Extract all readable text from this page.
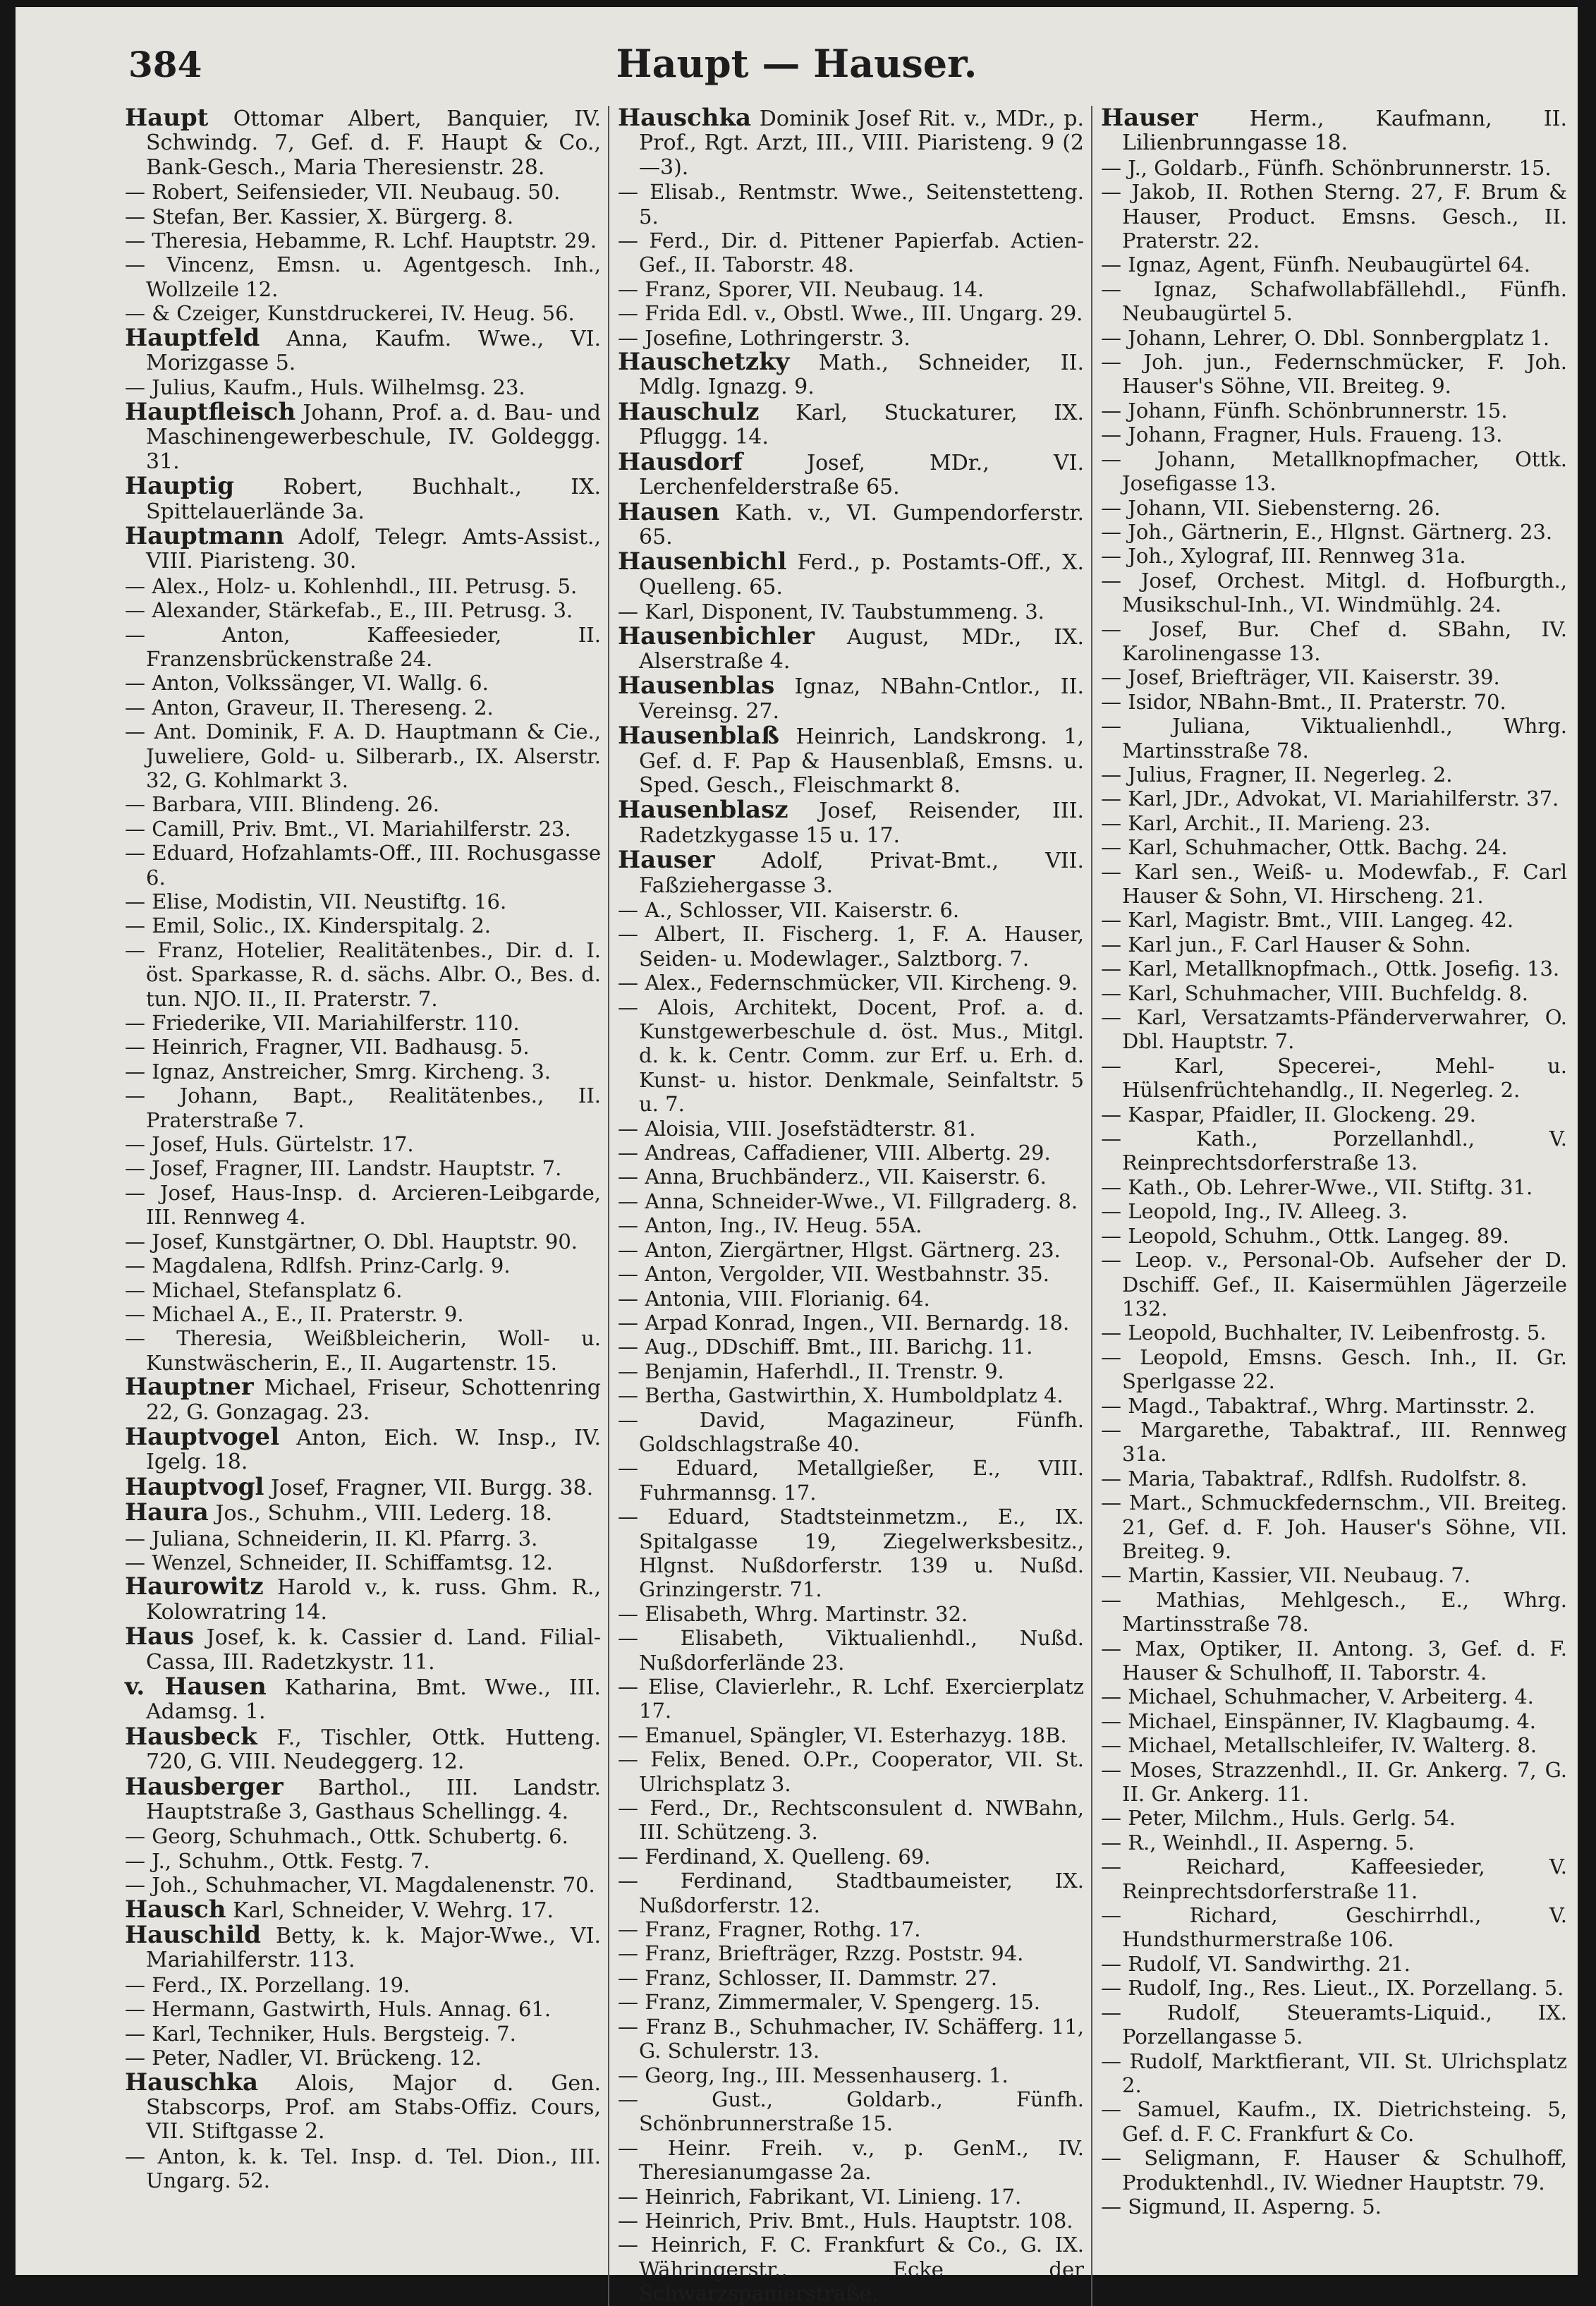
384	Haupt — Hauser.

Haupt Ottomar Albert, Banquier, IV. Schwindg. 7, Gef. d. F. Haupt & Co., Bank-Gesch., Maria Theresienstr. 28.

— Robert, Seifensieder, VII. Neubaug. 50.

— Stefan, Ber. Kassier, X. Bürgerg. 8.

— Theresia, Hebamme, R. Lchf. Hauptstr. 29.

— Vincenz, Emsn. u. Agentgesch. Inh., Wollzeile 12.

— & Czeiger, Kunstdruckerei, IV. Heug. 56.

Hauptfeld Anna, Kaufm. Wwe., VI. Morizgasse 5.

— Julius, Kaufm., Huls. Wilhelmsg. 23.

Hauptfleisch Johann, Prof. a. d. Bau- und Maschinengewerbeschule, IV. Goldeggg. 31.

Hauptig Robert, Buchhalt., IX. Spittelauerlände 3a.

Hauptmann Adolf, Telegr. Amts-Assist., VIII. Piaristeng. 30.

— Alex., Holz- u. Kohlenhdl., III. Petrusg. 5.

— Alexander, Stärkefab., E., III. Petrusg. 3.

— Anton, Kaffeesieder, II. Franzensbrückenstraße 24.

— Anton, Volkssänger, VI. Wallg. 6.

— Anton, Graveur, II. Thereseng. 2.

— Ant. Dominik, F. A. D. Hauptmann & Cie., Juweliere, Gold- u. Silberarb., IX. Alserstr. 32, G. Kohlmarkt 3.

— Barbara, VIII. Blindeng. 26.

— Camill, Priv. Bmt., VI. Mariahilferstr. 23.

— Eduard, Hofzahlamts-Off., III. Rochusgasse 6.

— Elise, Modistin, VII. Neustiftg. 16.

— Emil, Solic., IX. Kinderspitalg. 2.

— Franz, Hotelier, Realitätenbes., Dir. d. I. öst. Sparkasse, R. d. sächs. Albr. O., Bes. d. tun. NJO. II., II. Praterstr. 7.

— Friederike, VII. Mariahilferstr. 110.

— Heinrich, Fragner, VII. Badhausg. 5.

— Ignaz, Anstreicher, Smrg. Kircheng. 3.

— Johann, Bapt., Realitätenbes., II. Praterstraße 7.

— Josef, Huls. Gürtelstr. 17.

— Josef, Fragner, III. Landstr. Hauptstr. 7.

— Josef, Haus-Insp. d. Arcieren-Leibgarde, III. Rennweg 4.

— Josef, Kunstgärtner, O. Dbl. Hauptstr. 90.

— Magdalena, Rdlfsh. Prinz-Carlg. 9.

— Michael, Stefansplatz 6.

— Michael A., E., II. Praterstr. 9.

— Theresia, Weißbleicherin, Woll- u. Kunstwäscherin, E., II. Augartenstr. 15.

Hauptner Michael, Friseur, Schottenring 22, G. Gonzagag. 23.

Hauptvogel Anton, Eich. W. Insp., IV. Igelg. 18.

Hauptvogl Josef, Fragner, VII. Burgg. 38.

Haura Jos., Schuhm., VIII. Lederg. 18.

— Juliana, Schneiderin, II. Kl. Pfarrg. 3.

— Wenzel, Schneider, II. Schiffamtsg. 12.

Haurowitz Harold v., k. russ. Ghm. R., Kolowratring 14.

Haus Josef, k. k. Cassier d. Land. Filial-Cassa, III. Radetzkystr. 11.

v. Hausen Katharina, Bmt. Wwe., III. Adamsg. 1.

Hausbeck F., Tischler, Ottk. Hutteng. 720, G. VIII. Neudeggerg. 12.

Hausberger Barthol., III. Landstr. Hauptstraße 3, Gasthaus Schellingg. 4.

— Georg, Schuhmach., Ottk. Schubertg. 6.

— J., Schuhm., Ottk. Festg. 7.

— Joh., Schuhmacher, VI. Magdalenenstr. 70.

Hausch Karl, Schneider, V. Wehrg. 17.

Hauschild Betty, k. k. Major-Wwe., VI. Mariahilferstr. 113.

— Ferd., IX. Porzellang. 19.

— Hermann, Gastwirth, Huls. Annag. 61.

— Karl, Techniker, Huls. Bergsteig. 7.

— Peter, Nadler, VI. Brückeng. 12.

Hauschka Alois, Major d. Gen. Stabscorps, Prof. am Stabs-Offiz. Cours, VII. Stiftgasse 2.

— Anton, k. k. Tel. Insp. d. Tel. Dion., III. Ungarg. 52.

Hauschka Dominik Josef Rit. v., MDr., p. Prof., Rgt. Arzt, III., VIII. Piaristeng. 9 (2—3).

— Elisab., Rentmstr. Wwe., Seitenstetteng. 5.

— Ferd., Dir. d. Pittener Papierfab. Actien-Gef., II. Taborstr. 48.

— Franz, Sporer, VII. Neubaug. 14.

— Frida Edl. v., Obstl. Wwe., III. Ungarg. 29.

— Josefine, Lothringerstr. 3.

Hauschetzky Math., Schneider, II. Mdlg. Ignazg. 9.

Hauschulz Karl, Stuckaturer, IX. Pfluggg. 14.

Hausdorf	Josef, MDr., VI. Lerchenfelderstraße 65.

Hausen Kath. v., VI. Gumpendorferstr. 65.

Hausenbichl Ferd., p. Postamts-Off., X. Quelleng. 65.

— Karl, Disponent, IV. Taubstummeng. 3.

Hausenbichler August, MDr., IX. Alserstraße 4.

Hausenblas Ignaz, NBahn-Cntlor., II. Vereinsg. 27.

Hausenblaß Heinrich, Landskrong. 1, Gef. d. F. Pap & Hausenblaß, Emsns. u. Sped. Gesch., Fleischmarkt 8.

Hausenblasz Josef, Reisender, III. Radetzkygasse 15 u. 17.

Hauser Adolf, Privat-Bmt., VII. Faßziehergasse 3.

— A., Schlosser, VII. Kaiserstr. 6.

— Albert, II. Fischerg. 1, F. A. Hauser, Seiden- u. Modewlager., Salztborg. 7.

— Alex., Federnschmücker, VII. Kircheng. 9.

— Alois, Architekt, Docent, Prof. a. d. Kunstgewerbeschule d. öst. Mus., Mitgl. d. k. k. Centr. Comm. zur Erf. u. Erh. d. Kunst- u. histor. Denkmale, Seinfaltstr. 5 u. 7.

— Aloisia, VIII. Josefstädterstr. 81.

— Andreas, Caffadiener, VIII. Albertg. 29.

— Anna, Bruchbänderz., VII. Kaiserstr. 6.

— Anna, Schneider-Wwe., VI. Fillgraderg. 8.

— Anton, Ing., IV. Heug. 55A.

— Anton, Ziergärtner, Hlgst. Gärtnerg. 23.

— Anton, Vergolder, VII. Westbahnstr. 35.

— Antonia, VIII. Florianig. 64.

— Arpad Konrad, Ingen., VII. Bernardg. 18.

— Aug., DDschiff. Bmt., III. Barichg. 11.

— Benjamin, Haferhdl., II. Trenstr. 9.

— Bertha, Gastwirthin, X. Humboldplatz 4.

— David, Magazineur, Fünfh. Goldschlagstraße 40.

— Eduard, Metallgießer, E., VIII. Fuhrmannsg. 17.

— Eduard, Stadtsteinmetzm., E., IX. Spitalgasse 19, Ziegelwerksbesitz., Hlgnst. Nußdorferstr. 139 u. Nußd. Grinzingerstr. 71.

— Elisabeth, Whrg. Martinstr. 32.

— Elisabeth, Viktualienhdl., Nußd. Nußdorferlände 23.

— Elise, Clavierlehr., R. Lchf. Exercierplatz 17.

— Emanuel, Spängler, VI. Esterhazyg. 18B.

— Felix, Bened. O.Pr., Cooperator, VII. St. Ulrichsplatz 3.

— Ferd., Dr., Rechtsconsulent d. NWBahn, III. Schützeng. 3.

— Ferdinand, X. Quelleng. 69.

— Ferdinand, Stadtbaumeister, IX. Nußdorferstr. 12.

— Franz, Fragner, Rothg. 17.

— Franz, Briefträger, Rzzg. Poststr. 94.

— Franz, Schlosser, II. Dammstr. 27.

— Franz, Zimmermaler, V. Spengerg. 15.

— Franz B., Schuhmacher, IV. Schäfferg. 11, G. Schulerstr. 13.

— Georg, Ing., III. Messenhauserg. 1.

— Gust., Goldarb., Fünfh. Schönbrunnerstraße 15.

— Heinr. Freih. v., p. GenM., IV. Theresianumgasse 2a.

— Heinrich, Fabrikant, VI. Linieng. 17.

— Heinrich, Priv. Bmt., Huls. Hauptstr. 108.

— Heinrich, F. C. Frankfurt & Co., G. IX. Währingerstr., Ecke der Schwarzspanierstraße.

Hauser Herm., Kaufmann, II. Lilienbrunngasse 18.

— J., Goldarb., Fünfh. Schönbrunnerstr. 15.

— Jakob, II. Rothen Sterng. 27, F. Brum & Hauser, Product. Emsns. Gesch., II. Praterstr. 22.

— Ignaz, Agent, Fünfh. Neubaugürtel 64.

— Ignaz, Schafwollabfällehdl., Fünfh. Neubaugürtel 5.

— Johann, Lehrer, O. Dbl. Sonnbergplatz 1.

— Joh. jun., Federnschmücker, F. Joh. Hauser's Söhne, VII. Breiteg. 9.

— Johann, Fünfh. Schönbrunnerstr. 15.

— Johann, Fragner, Huls. Fraueng. 13.

— Johann, Metallknopfmacher, Ottk. Josefigasse 13.

— Johann, VII. Siebensterng. 26.

— Joh., Gärtnerin, E., Hlgnst. Gärtnerg. 23.

— Joh., Xylograf, III. Rennweg 31a.

— Josef, Orchest. Mitgl. d. Hofburgth., Musikschul-Inh., VI. Windmühlg. 24.

— Josef, Bur. Chef d. SBahn, IV. Karolinengasse 13.

— Josef, Briefträger, VII. Kaiserstr. 39.

— Isidor, NBahn-Bmt., II. Praterstr. 70.

— Juliana, Viktualienhdl., Whrg. Martinsstraße 78.

— Julius, Fragner, II. Negerleg. 2.

— Karl, JDr., Advokat, VI. Mariahilferstr. 37.

— Karl, Archit., II. Marieng. 23.

— Karl, Schuhmacher, Ottk. Bachg. 24.

— Karl sen., Weiß- u. Modewfab., F. Carl Hauser & Sohn, VI. Hirscheng. 21.

— Karl, Magistr. Bmt., VIII. Langeg. 42.

— Karl jun., F. Carl Hauser & Sohn.

— Karl, Metallknopfmach., Ottk. Josefig. 13.

— Karl, Schuhmacher, VIII. Buchfeldg. 8.

— Karl, Versatzamts-Pfänderverwahrer, O. Dbl. Hauptstr. 7.

— Karl, Specerei-, Mehl- u. Hülsenfrüchtehandlg., II. Negerleg. 2.

— Kaspar, Pfaidler, II. Glockeng. 29.

— Kath., Porzellanhdl., V. Reinprechtsdorferstraße 13.

— Kath., Ob. Lehrer-Wwe., VII. Stiftg. 31.

— Leopold, Ing., IV. Alleeg. 3.

— Leopold, Schuhm., Ottk. Langeg. 89.

— Leop. v., Personal-Ob. Aufseher der D. Dschiff. Gef., II. Kaisermühlen Jägerzeile 132.

— Leopold, Buchhalter, IV. Leibenfrostg. 5.

— Leopold, Emsns. Gesch. Inh., II. Gr. Sperlgasse 22.

— Magd., Tabaktraf., Whrg. Martinsstr. 2.

— Margarethe, Tabaktraf., III. Rennweg 31a.

— Maria, Tabaktraf., Rdlfsh. Rudolfstr. 8.

— Mart., Schmuckfedernschm., VII. Breiteg. 21, Gef. d. F. Joh. Hauser's Söhne, VII. Breiteg. 9.

— Martin, Kassier, VII. Neubaug. 7.

— Mathias, Mehlgesch., E., Whrg. Martinsstraße 78.

— Max, Optiker, II. Antong. 3, Gef. d. F. Hauser & Schulhoff, II. Taborstr. 4.

— Michael, Schuhmacher, V. Arbeiterg. 4.

— Michael, Einspänner, IV. Klagbaumg. 4.

— Michael, Metallschleifer, IV. Walterg. 8.

— Moses, Strazzenhdl., II. Gr. Ankerg. 7, G. II. Gr. Ankerg. 11.

— Peter, Milchm., Huls. Gerlg. 54.

— R., Weinhdl., II. Asperng. 5.

— Reichard, Kaffeesieder, V. Reinprechtsdorferstraße 11.

— Richard, Geschirrhdl., V. Hundsthurmerstraße 106.

— Rudolf, VI. Sandwirthg. 21.

— Rudolf, Ing., Res. Lieut., IX. Porzellang. 5.

— Rudolf, Steueramts-Liquid., IX. Porzellangasse 5.

— Rudolf, Marktfierant, VII. St. Ulrichsplatz 2.

— Samuel, Kaufm., IX. Dietrichsteing. 5, Gef. d. F. C. Frankfurt & Co.

— Seligmann, F. Hauser & Schulhoff, Produktenhdl., IV. Wiedner Hauptstr. 79.

— Sigmund, II. Asperng. 5.
